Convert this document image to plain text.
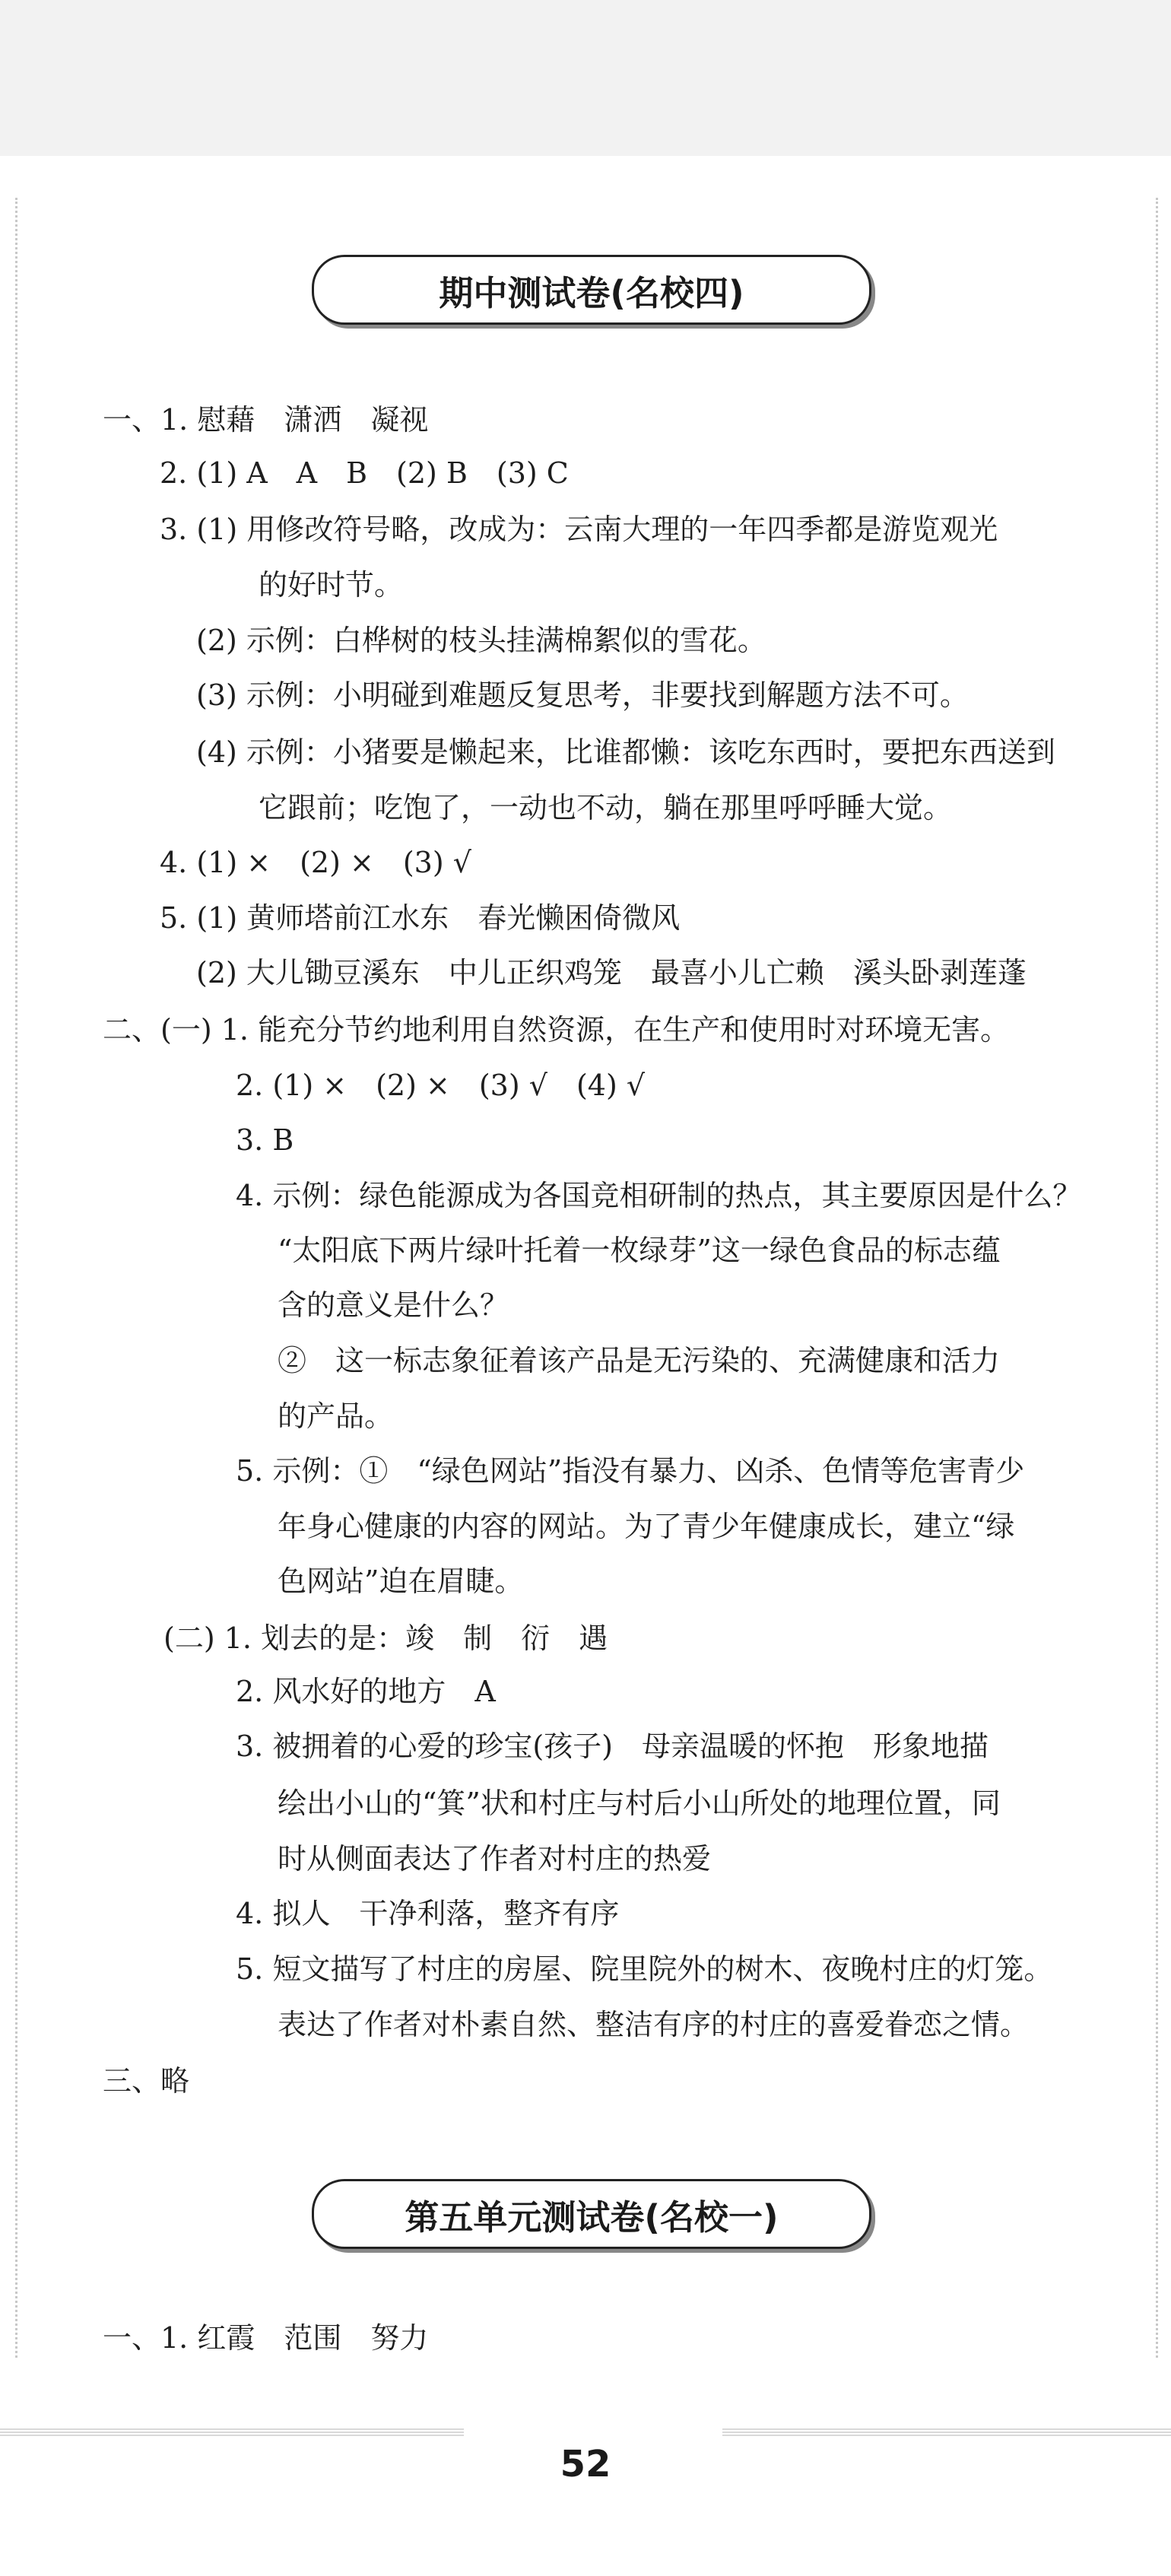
期中测试卷(名校四)
一、1. 慰藉　潇洒　凝视
2. (1) A　A　B　(2) B　(3) C
3. (1) 用修改符号略，改成为：云南大理的一年四季都是游览观光
的好时节。
(2) 示例：白桦树的枝头挂满棉絮似的雪花。
(3) 示例：小明碰到难题反复思考，非要找到解题方法不可。
(4) 示例：小猪要是懒起来，比谁都懒：该吃东西时，要把东西送到
它跟前；吃饱了，一动也不动，躺在那里呼呼睡大觉。
4. (1) ×　(2) ×　(3) √
5. (1) 黄师塔前江水东　春光懒困倚微风
(2) 大儿锄豆溪东　中儿正织鸡笼　最喜小儿亡赖　溪头卧剥莲蓬
二、(一) 1. 能充分节约地利用自然资源，在生产和使用时对环境无害。
2. (1) ×　(2) ×　(3) √　(4) √
3. B
4. 示例：绿色能源成为各国竞相研制的热点，其主要原因是什么？
“太阳底下两片绿叶托着一枚绿芽”这一绿色食品的标志蕴
含的意义是什么？
②　这一标志象征着该产品是无污染的、充满健康和活力
的产品。
5. 示例：①　“绿色网站”指没有暴力、凶杀、色情等危害青少
年身心健康的内容的网站。为了青少年健康成长，建立“绿
色网站”迫在眉睫。
(二) 1. 划去的是：竣　制　衍　遇
2. 风水好的地方　A
3. 被拥着的心爱的珍宝(孩子)　母亲温暖的怀抱　形象地描
绘出小山的“箕”状和村庄与村后小山所处的地理位置，同
时从侧面表达了作者对村庄的热爱
4. 拟人　干净利落，整齐有序
5. 短文描写了村庄的房屋、院里院外的树木、夜晚村庄的灯笼。
表达了作者对朴素自然、整洁有序的村庄的喜爱眷恋之情。
三、略
第五单元测试卷(名校一)
一、1. 红霞　范围　努力
52
